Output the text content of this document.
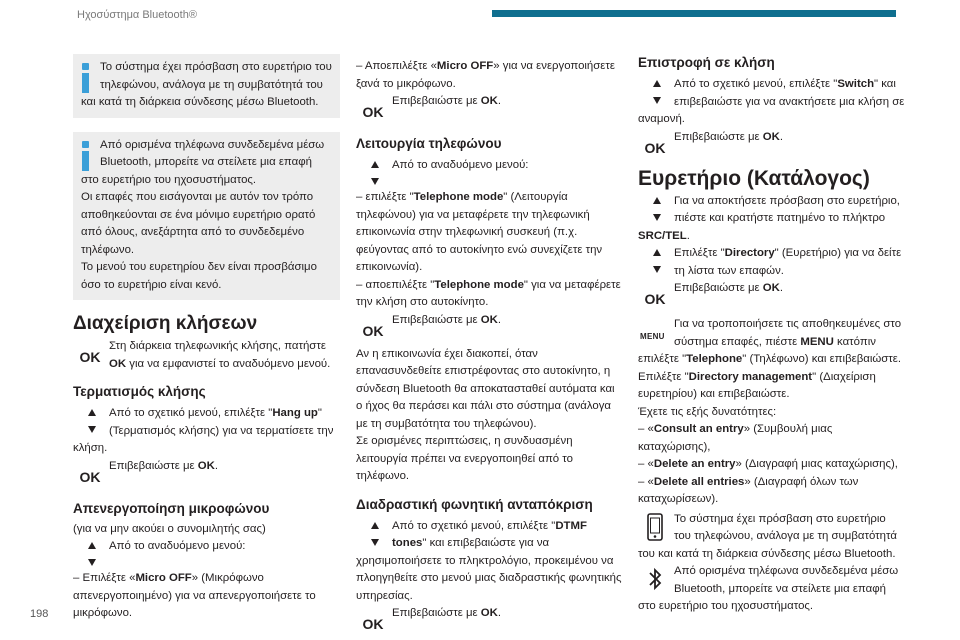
Ηχοσύστημα Bluetooth®
198

Το σύστημα έχει πρόσβαση στο ευρετήριο του τηλεφώνου, ανάλογα με τη συμβατότητά του και κατά τη διάρκεια σύνδεσης μέσω Bluetooth.

Από ορισμένα τηλέφωνα συνδεδεμένα μέσω Bluetooth, μπορείτε να στείλετε μια επαφή στο ευρετήριο του ηχοσυστήματος.

Οι επαφές που εισάγονται με αυτόν τον τρόπο αποθηκεύονται σε ένα μόνιμο ευρετήριο ορατό από όλους, ανεξάρτητα από το συνδεδεμένο τηλέφωνο.

Το μενού του ευρετηρίου δεν είναι προσβάσιμο όσο το ευρετήριο είναι κενό.

Διαχείριση κλήσεων
OK

Στη διάρκεια τηλεφωνικής κλήσης, πατήστε OK για να εμφανιστεί το αναδυόμενο μενού.

Τερματισμός κλήσης

Από το σχετικό μενού, επιλέξτε "Hang up" (Τερματισμός κλήσης) για να τερματίσετε την κλήση.

OK

Επιβεβαιώστε με OK.

Απενεργοποίηση μικροφώνου

(για να μην ακούει ο συνομιλητής σας)

Από το αναδυόμενο μενού:

– Επιλέξτε «Micro OFF» (Μικρόφωνο απενεργοποιημένο) για να απενεργοποιήσετε το μικρόφωνο.

– Αποεπιλέξτε «Micro OFF» για να ενεργοποιήσετε ξανά το μικρόφωνο.

OK

Επιβεβαιώστε με OK.

Λειτουργία τηλεφώνου

Από το αναδυόμενο μενού:

– επιλέξτε "Telephone mode" (Λειτουργία τηλεφώνου) για να μεταφέρετε την τηλεφωνική επικοινωνία στην τηλεφωνική συσκευή (π.χ. φεύγοντας από το αυτοκίνητο ενώ συνεχίζετε την επικοινωνία).

– αποεπιλέξτε "Telephone mode" για να μεταφέρετε την κλήση στο αυτοκίνητο.

OK

Επιβεβαιώστε με OK.

Αν η επικοινωνία έχει διακοπεί, όταν επανασυνδεθείτε επιστρέφοντας στο αυτοκίνητο, η σύνδεση Bluetooth θα αποκατασταθεί αυτόματα και ο ήχος θα περάσει και πάλι στο σύστημα (ανάλογα με τη συμβατότητα του τηλεφώνου).

Σε ορισμένες περιπτώσεις, η συνδυασμένη λειτουργία πρέπει να ενεργοποιηθεί από το τηλέφωνο.

Διαδραστική φωνητική ανταπόκριση

Από το σχετικό μενού, επιλέξτε "DTMF tones" και επιβεβαιώστε για να χρησιμοποιήσετε το πληκτρολόγιο, προκειμένου να πλοηγηθείτε στο μενού μιας διαδραστικής φωνητικής υπηρεσίας.

OK

Επιβεβαιώστε με OK.

Επιστροφή σε κλήση

Από το σχετικό μενού, επιλέξτε "Switch" και επιβεβαιώστε για να ανακτήσετε μια κλήση σε αναμονή.

OK

Επιβεβαιώστε με OK.

Ευρετήριο (Κατάλογος)

Για να αποκτήσετε πρόσβαση στο ευρετήριο, πιέστε και κρατήστε πατημένο το πλήκτρο SRC/TEL.

Επιλέξτε "Directory" (Ευρετήριο) για να δείτε τη λίστα των επαφών.

OK

Επιβεβαιώστε με OK.

MENU

Για να τροποποιήσετε τις αποθηκευμένες στο σύστημα επαφές, πιέστε MENU κατόπιν επιλέξτε "Telephone" (Τηλέφωνο) και επιβεβαιώστε.

Επιλέξτε "Directory management" (Διαχείριση ευρετηρίου) και επιβεβαιώστε.

Έχετε τις εξής δυνατότητες:

– «Consult an entry» (Συμβουλή μιας καταχώρισης),

– «Delete an entry» (Διαγραφή μιας καταχώρισης),

– «Delete all entries» (Διαγραφή όλων των καταχωρίσεων).

Το σύστημα έχει πρόσβαση στο ευρετήριο του τηλεφώνου, ανάλογα με τη συμβατότητά του και κατά τη διάρκεια σύνδεσης μέσω Bluetooth.

Από ορισμένα τηλέφωνα συνδεδεμένα μέσω Bluetooth, μπορείτε να στείλετε μια επαφή στο ευρετήριο του ηχοσυστήματος.
